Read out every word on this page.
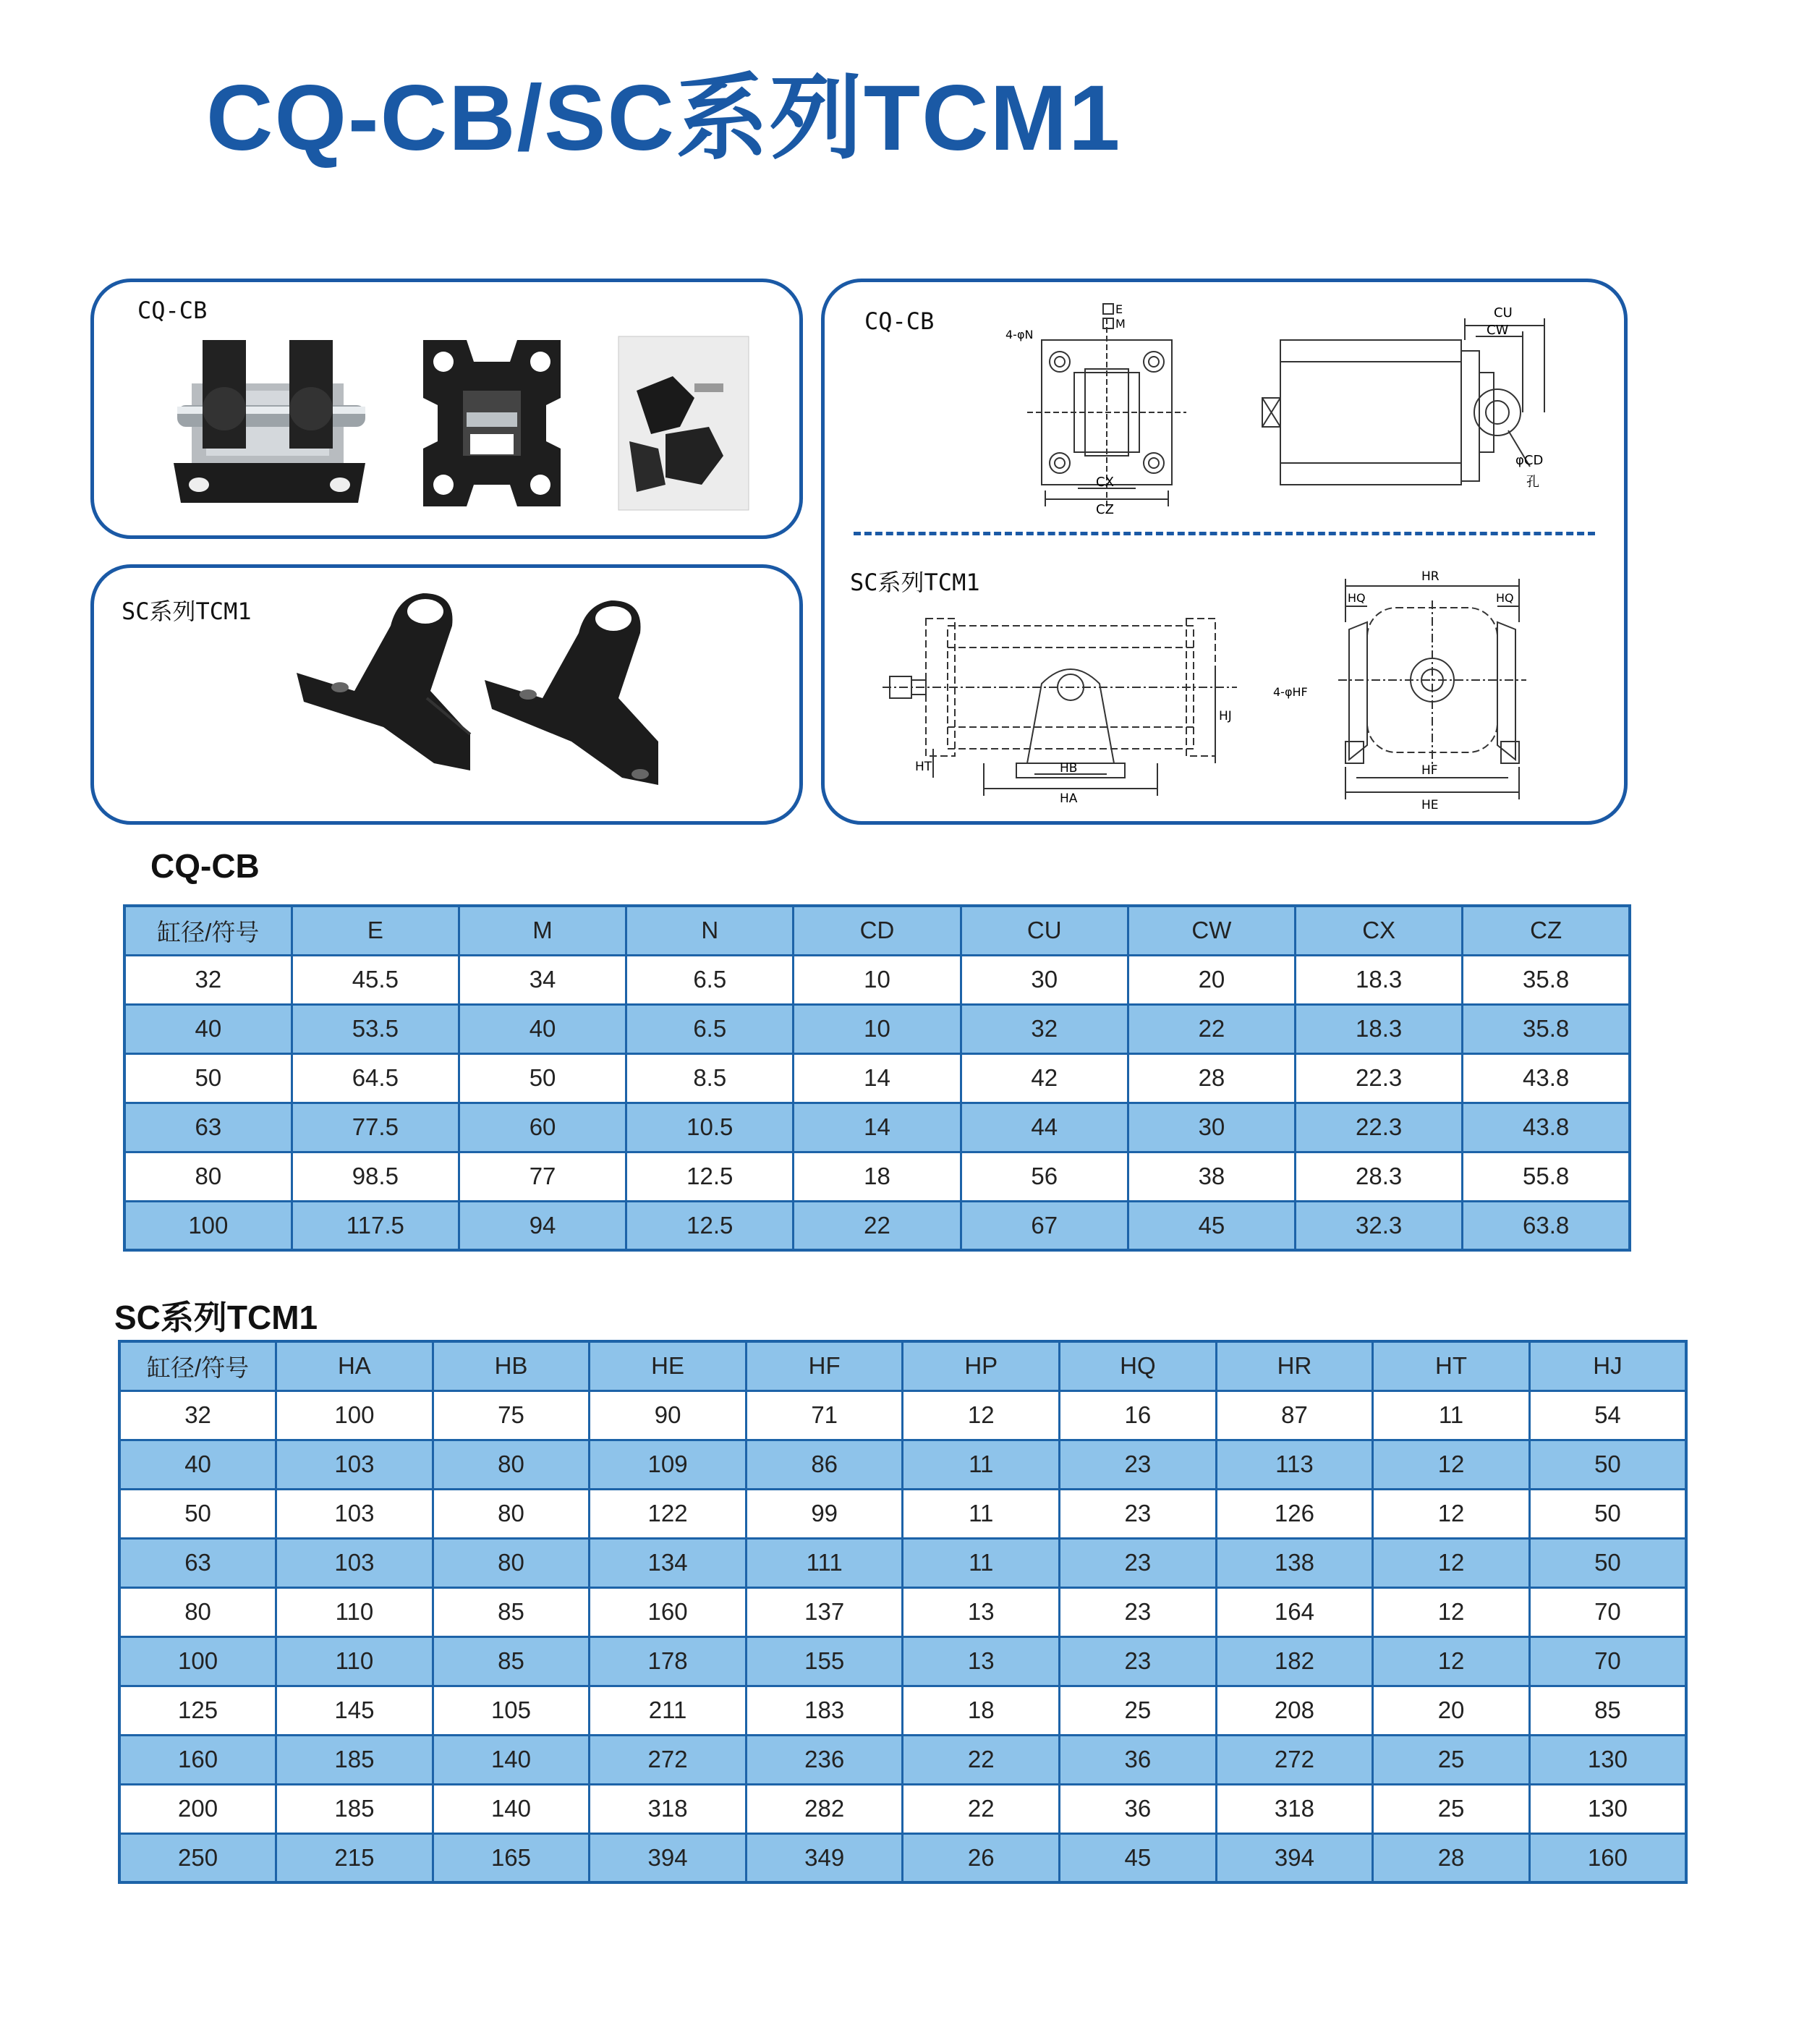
CQ-CB/SC系列TCM1
CQ-CB
SC系列TCM1
CQ-CB
SC系列TCM1
E
M
4-φN
CX
CZ
CU
CW
φCD
孔
HB
HA
HJ
HT
HR
HQ	HQ
4-φHF
HF
HE
CQ-CB
缸径/符号	E	M	N	CD	CU	CW	CX	CZ
32	45.5	34	6.5	10	30	20	18.3	35.8
40	53.5	40	6.5	10	32	22	18.3	35.8
50	64.5	50	8.5	14	42	28	22.3	43.8
63	77.5	60	10.5	14	44	30	22.3	43.8
80	98.5	77	12.5	18	56	38	28.3	55.8
100	117.5	94	12.5	22	67	45	32.3	63.8
SC系列TCM1
缸径/符号	HA	HB	HE	HF	HP	HQ	HR	HT	HJ
32	100	75	90	71	12	16	87	11	54
40	103	80	109	86	11	23	113	12	50
50	103	80	122	99	11	23	126	12	50
63	103	80	134	111	11	23	138	12	50
80	110	85	160	137	13	23	164	12	70
100	110	85	178	155	13	23	182	12	70
125	145	105	211	183	18	25	208	20	85
160	185	140	272	236	22	36	272	25	130
200	185	140	318	282	22	36	318	25	130
250	215	165	394	349	26	45	394	28	160
